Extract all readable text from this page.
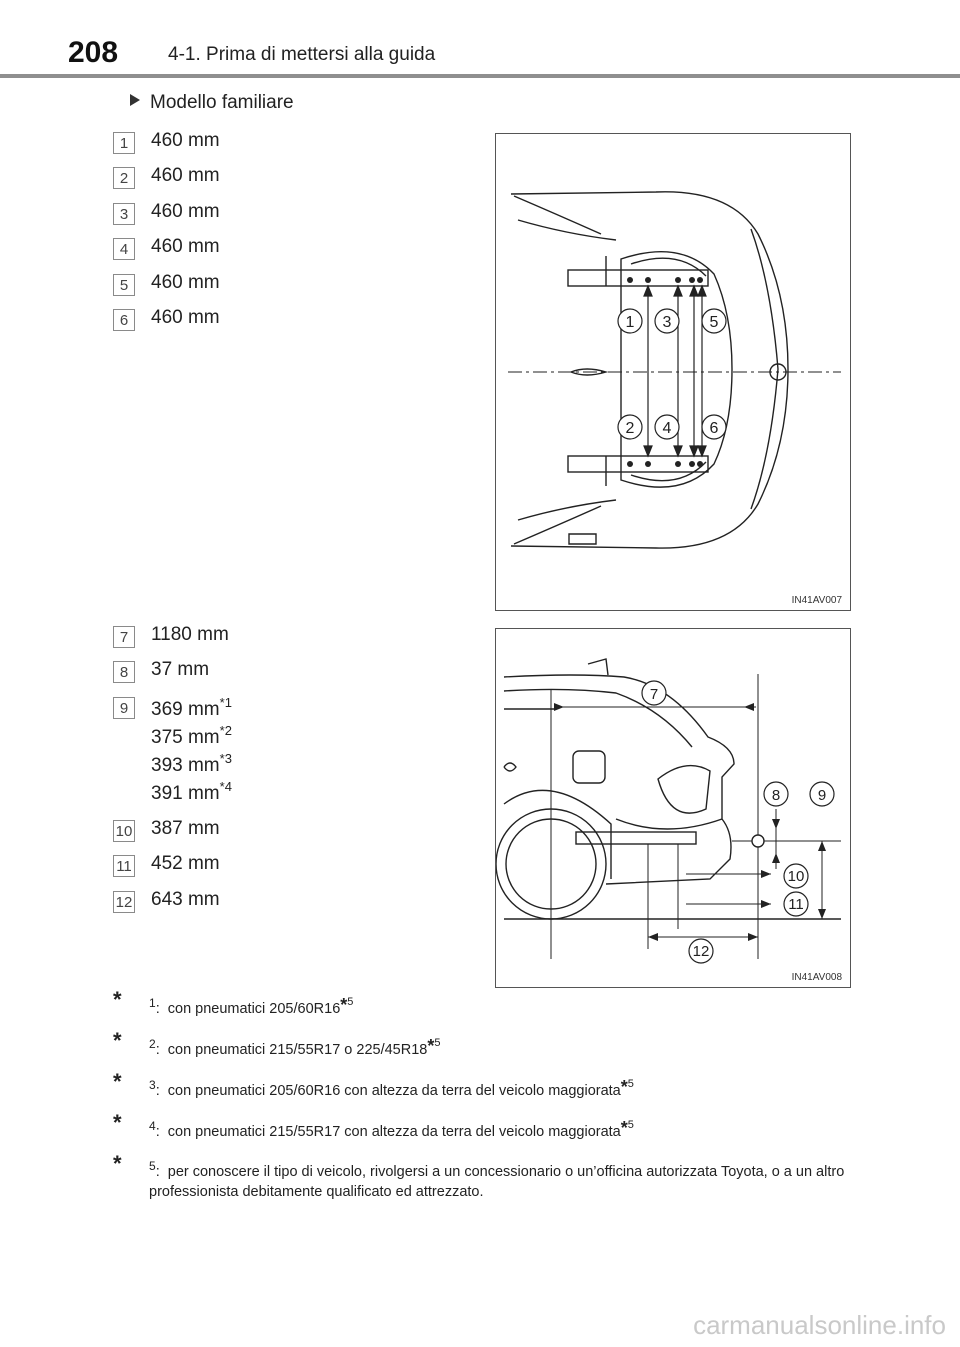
208	4-1. Prima di mettersi alla guida
Modello familiare
1	460 mm
2	460 mm
3	460 mm
4	460 mm
5	460 mm
6	460 mm	1 3 5
2 4 6
IN41AV007
7	1180 mm
8	37 mm
9	369 $mm^{*1}$
375 $mm^{*2}$
393 $mm^{*3}$
391 $mm^{*4}$
10 387 mm
11 452 mm
12 643 mm
7
8	9
10
11
12
IN41AV008
* $^1$: con pneumatici 205/60R16*$^5$
* $^2$: con pneumatici 215/55R17 o 225/45R18*$^5$
* $^3$: con pneumatici 205/60R16 con altezza da terra del veicolo maggiorata*$^5$
* $^4$: con pneumatici 215/55R17 con altezza da terra del veicolo maggiorata*$^5$
* $^5$: per conoscere il tipo di veicolo, rivolgersi a un concessionario o un’officina autorizzata Toyota, o a un altro professionista debitamente qualificato ed attrezzato.
carmanualsonline.info
